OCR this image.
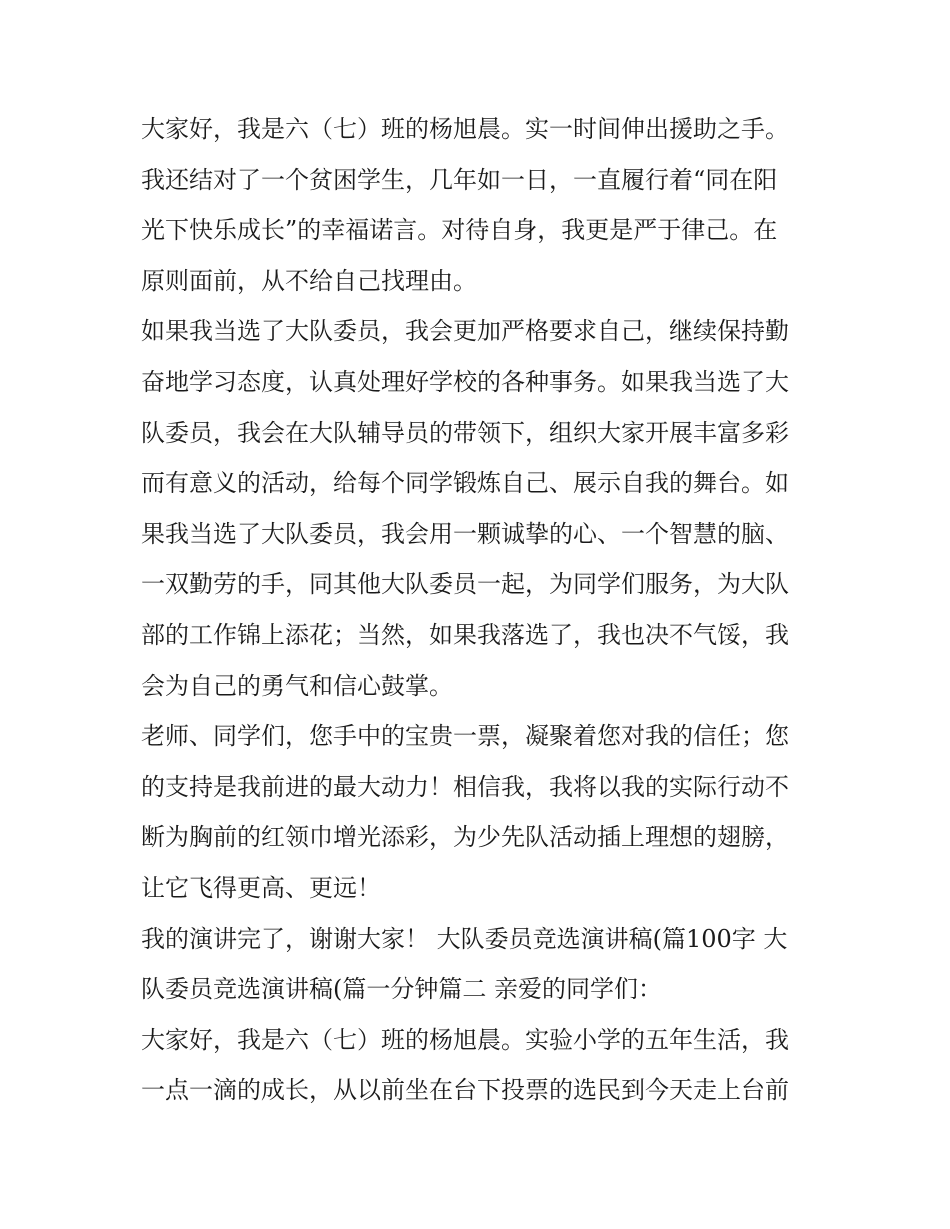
大家好，我是六（七）班的杨旭晨。实一时间伸出援助之手。
我还结对了一个贫困学生，几年如一日，一直履行着“同在阳
光下快乐成长”的幸福诺言。对待自身，我更是严于律己。在
原则面前，从不给自己找理由。
如果我当选了大队委员，我会更加严格要求自己，继续保持勤
奋地学习态度，认真处理好学校的各种事务。如果我当选了大
队委员，我会在大队辅导员的带领下，组织大家开展丰富多彩
而有意义的活动，给每个同学锻炼自己、展示自我的舞台。如
果我当选了大队委员，我会用一颗诚挚的心、一个智慧的脑、
一双勤劳的手，同其他大队委员一起，为同学们服务，为大队
部的工作锦上添花；当然，如果我落选了，我也决不气馁，我
会为自己的勇气和信心鼓掌。
老师、同学们，您手中的宝贵一票，凝聚着您对我的信任；您
的支持是我前进的最大动力！相信我，我将以我的实际行动不
断为胸前的红领巾增光添彩，为少先队活动插上理想的翅膀，
让它飞得更高、更远！
我的演讲完了，谢谢大家！ 大队委员竞选演讲稿(篇100字 大
队委员竞选演讲稿(篇一分钟篇二 亲爱的同学们：
大家好，我是六（七）班的杨旭晨。实验小学的五年生活，我
一点一滴的成长，从以前坐在台下投票的选民到今天走上台前
